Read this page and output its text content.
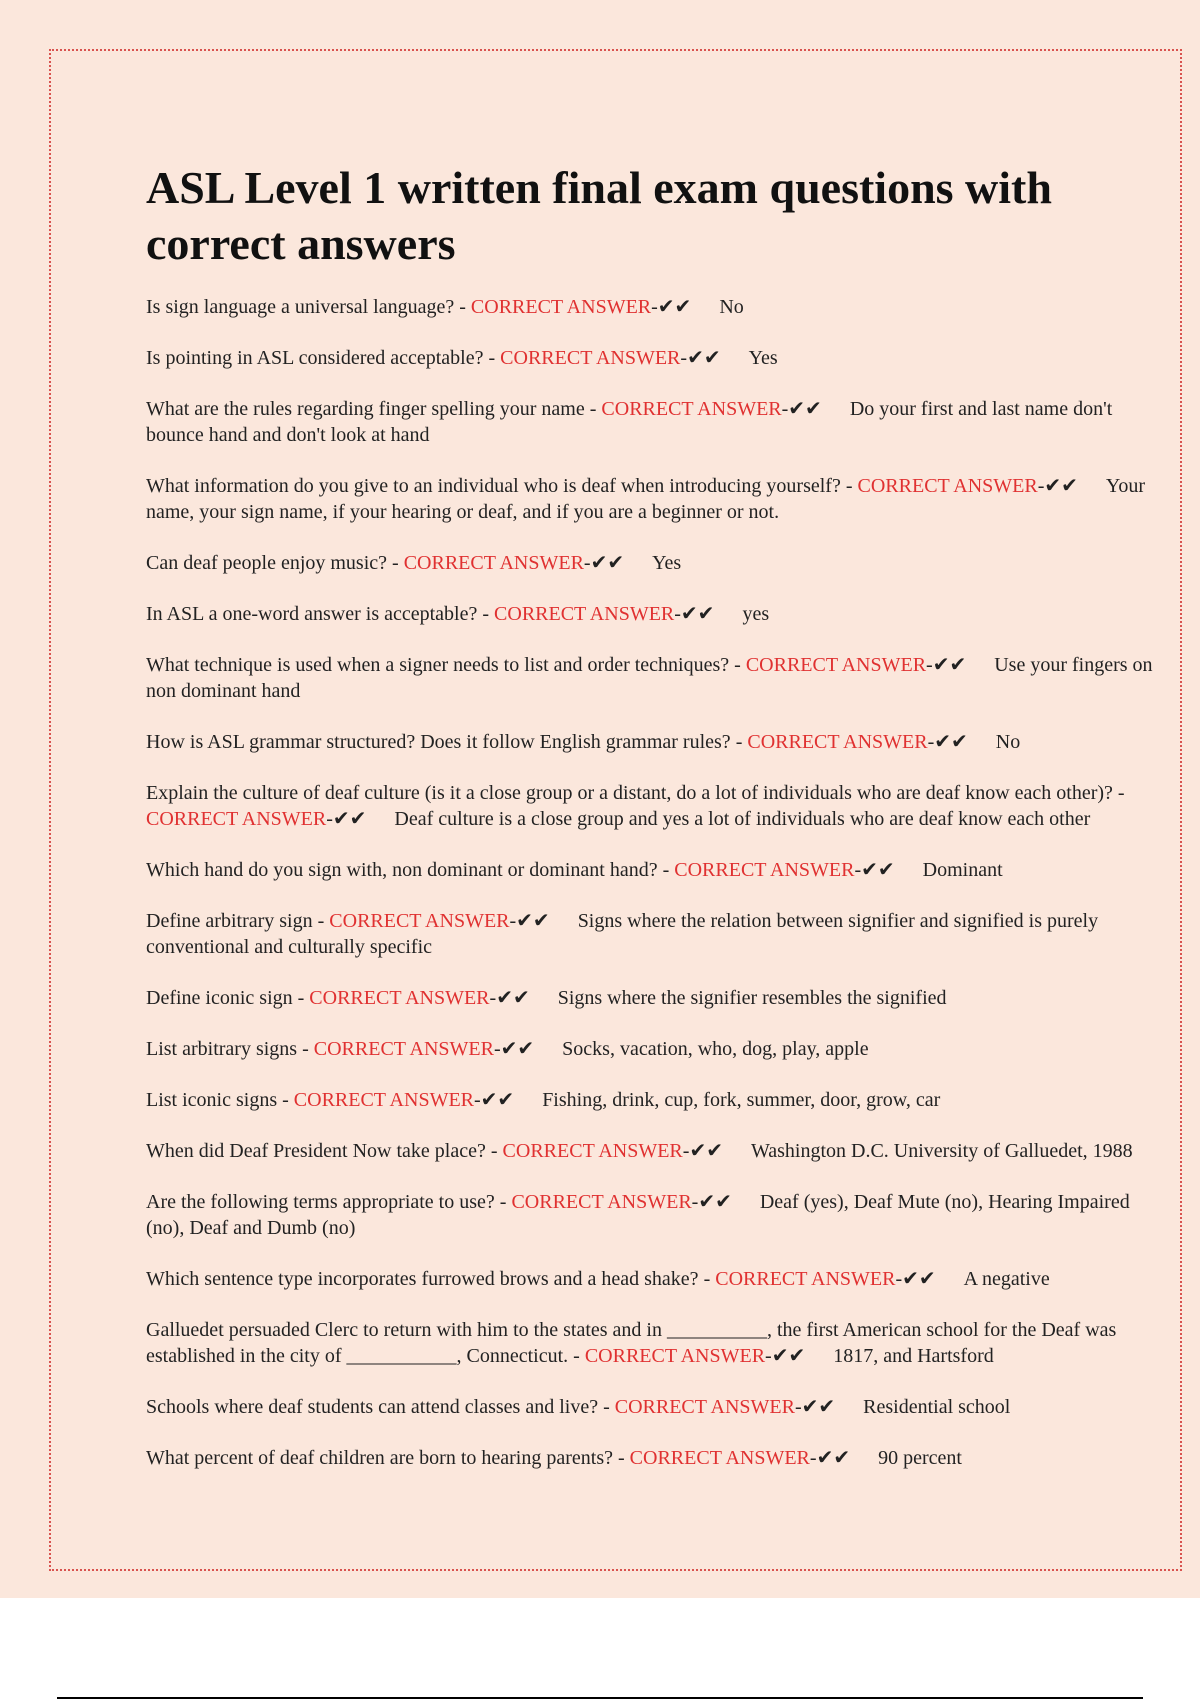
ASL Level 1 written final exam questions with correct answers

Is sign language a universal language? - CORRECT ANSWER-✔✔ No

Is pointing in ASL considered acceptable? - CORRECT ANSWER-✔✔ Yes

What are the rules regarding finger spelling your name - CORRECT ANSWER-✔✔ Do your first and last name don't bounce hand and don't look at hand

What information do you give to an individual who is deaf when introducing yourself? - CORRECT ANSWER-✔✔ Your name, your sign name, if your hearing or deaf, and if you are a beginner or not.

Can deaf people enjoy music? - CORRECT ANSWER-✔✔ Yes

In ASL a one-word answer is acceptable? - CORRECT ANSWER-✔✔ yes

What technique is used when a signer needs to list and order techniques? - CORRECT ANSWER-✔✔ Use your fingers on non dominant hand

How is ASL grammar structured? Does it follow English grammar rules? - CORRECT ANSWER-✔✔ No

Explain the culture of deaf culture (is it a close group or a distant, do a lot of individuals who are deaf know each other)? - CORRECT ANSWER-✔✔ Deaf culture is a close group and yes a lot of individuals who are deaf know each other

Which hand do you sign with, non dominant or dominant hand? - CORRECT ANSWER-✔✔ Dominant

Define arbitrary sign - CORRECT ANSWER-✔✔ Signs where the relation between signifier and signified is purely conventional and culturally specific

Define iconic sign - CORRECT ANSWER-✔✔ Signs where the signifier resembles the signified

List arbitrary signs - CORRECT ANSWER-✔✔ Socks, vacation, who, dog, play, apple

List iconic signs - CORRECT ANSWER-✔✔ Fishing, drink, cup, fork, summer, door, grow, car

When did Deaf President Now take place? - CORRECT ANSWER-✔✔ Washington D.C. University of Galluedet, 1988

Are the following terms appropriate to use? - CORRECT ANSWER-✔✔ Deaf (yes), Deaf Mute (no), Hearing Impaired (no), Deaf and Dumb (no)

Which sentence type incorporates furrowed brows and a head shake? - CORRECT ANSWER-✔✔ A negative

Galluedet persuaded Clerc to return with him to the states and in __________, the first American school for the Deaf was established in the city of ___________, Connecticut. - CORRECT ANSWER-✔✔ 1817, and Hartsford

Schools where deaf students can attend classes and live? - CORRECT ANSWER-✔✔ Residential school

What percent of deaf children are born to hearing parents? - CORRECT ANSWER-✔✔ 90 percent
